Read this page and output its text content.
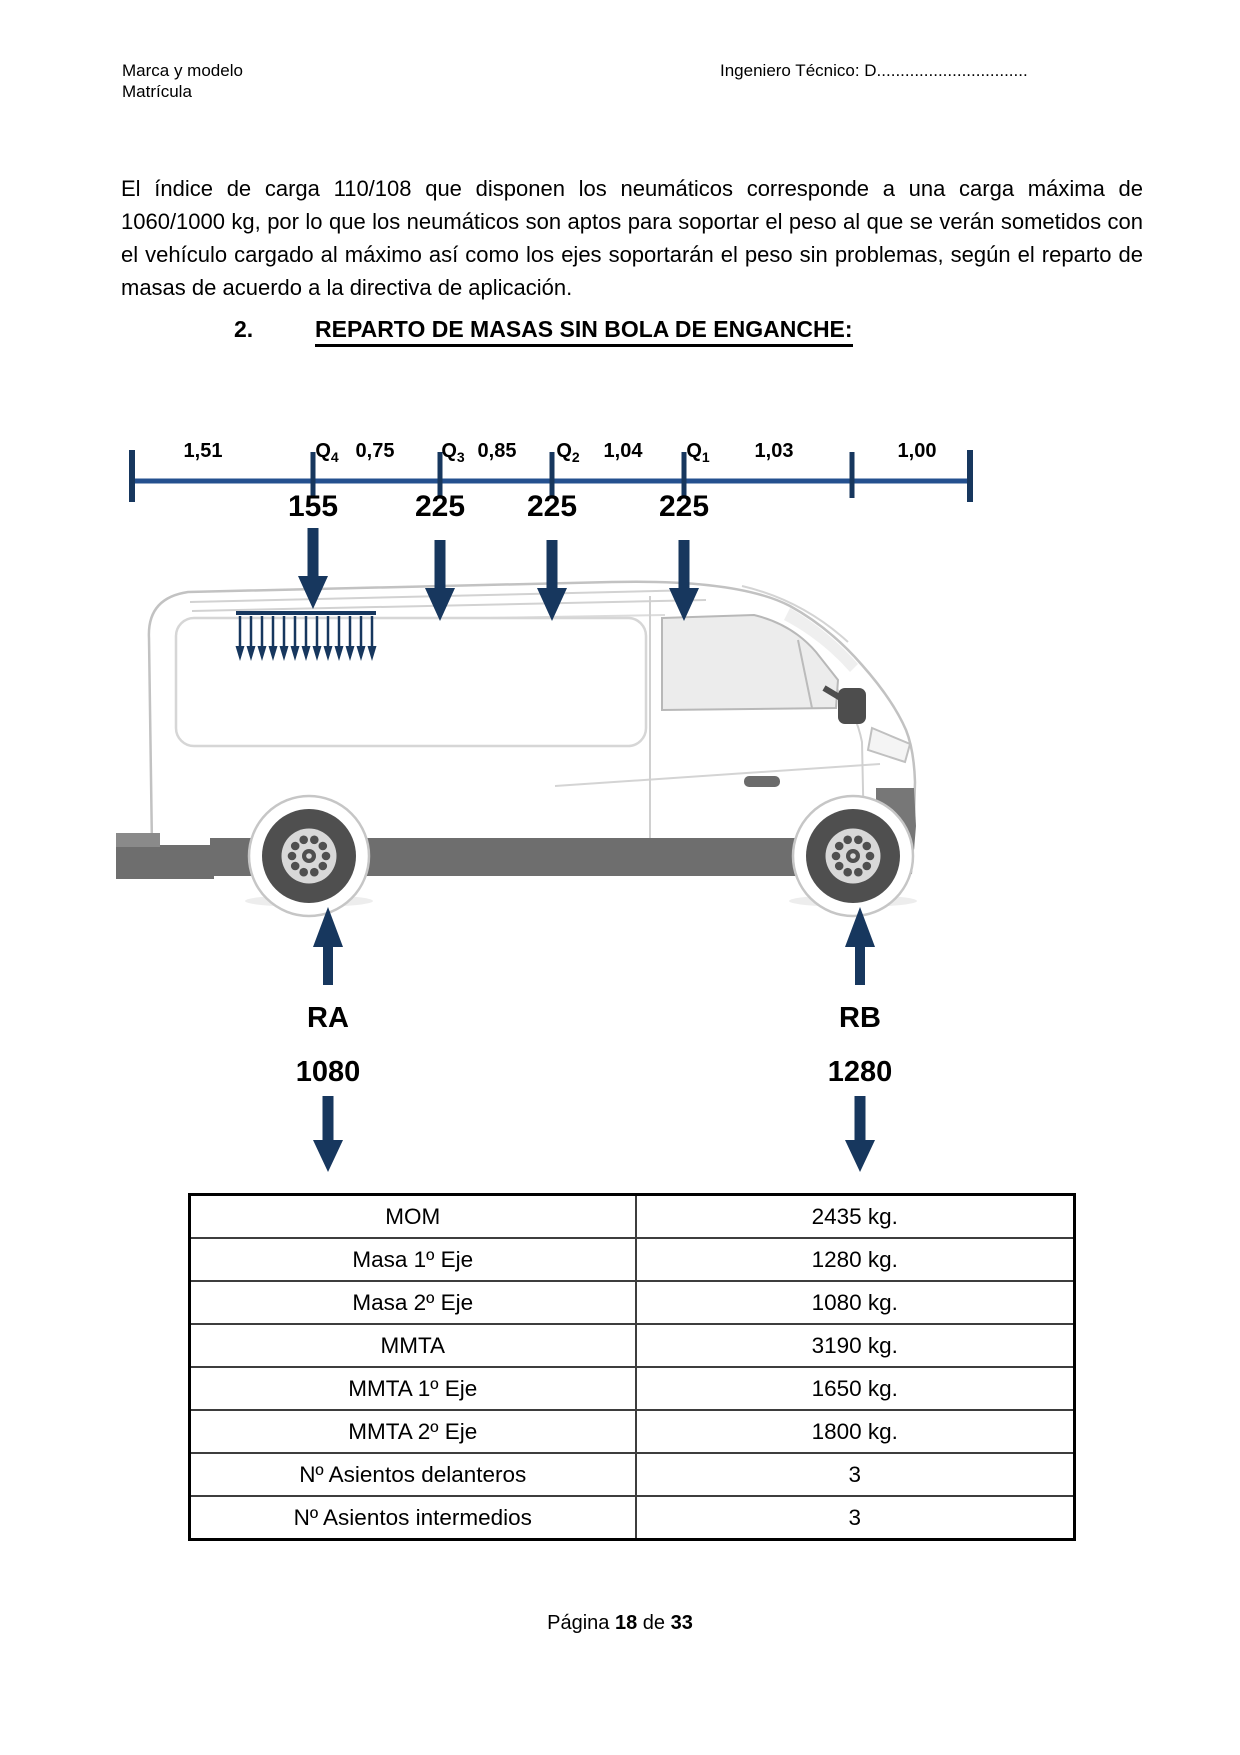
Marca y modelo
Matrícula
Ingeniero Técnico: D................................
El índice de carga 110/108 que disponen los neumáticos corresponde a una carga máxima de 1060/1000 kg, por lo que los neumáticos son aptos para soportar el peso al que se verán sometidos con el vehículo cargado al máximo así como los ejes soportarán el peso sin problemas, según el reparto de masas de acuerdo a la directiva de aplicación.
2.	REPARTO DE MASAS SIN BOLA DE ENGANCHE:
1,51	$Q_4$ 0,75 $Q_3$ 0,85 $Q_2$ 1,04 $Q_1$ 1,03	1,00
155	225 225	225
RA	RB
1080	1280
MOM	2435 kg.
Masa 1º Eje	1280 kg.
Masa 2º Eje	1080 kg.
MMTA	3190 kg.
MMTA 1º Eje	1650 kg.
MMTA 2º Eje	1800 kg.
Nº Asientos delanteros	3
Nº Asientos intermedios	3
Página 18 de 33
